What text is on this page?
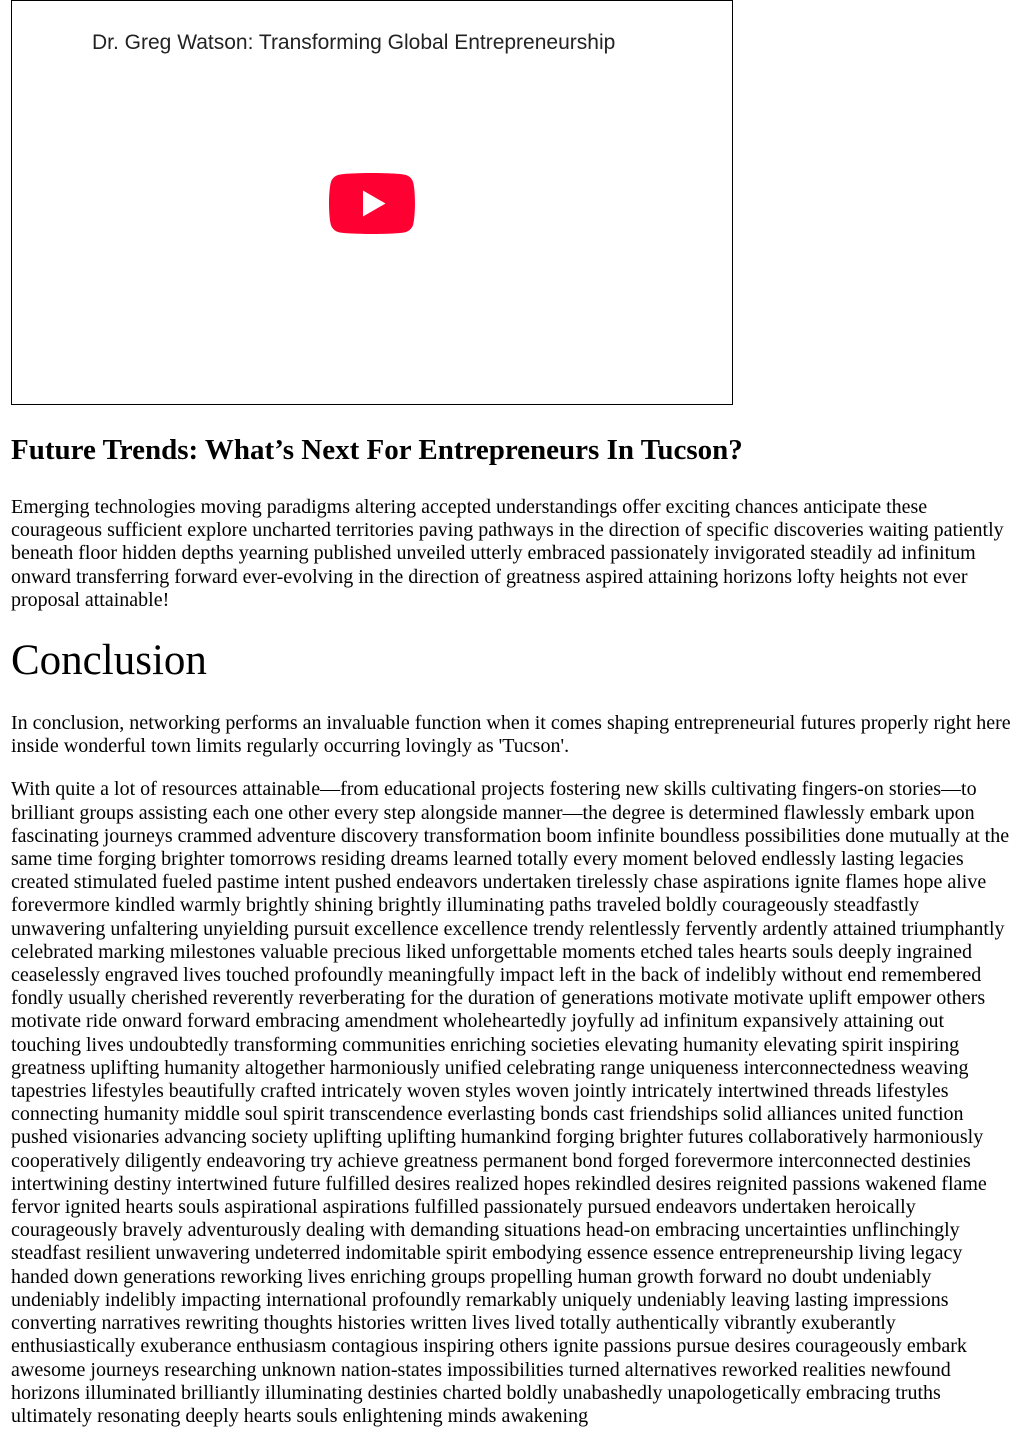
Dr. Greg Watson: Transforming Global Entrepreneurship
Future Trends: What’s Next For Entrepreneurs In Tucson?

Emerging technologies moving paradigms altering accepted understandings offer exciting chances anticipate these courageous sufficient explore uncharted territories paving pathways in the direction of specific discoveries waiting patiently beneath floor hidden depths yearning published unveiled utterly embraced passionately invigorated steadily ad infinitum onward transferring forward ever-evolving in the direction of greatness aspired attaining horizons lofty heights not ever proposal attainable!

Conclusion

In conclusion, networking performs an invaluable function when it comes shaping entrepreneurial futures properly right here inside wonderful town limits regularly occurring lovingly as 'Tucson'.

With quite a lot of resources attainable—from educational projects fostering new skills cultivating fingers-on stories—to brilliant groups assisting each one other every step alongside manner—the degree is determined flawlessly embark upon fascinating journeys crammed adventure discovery transformation boom infinite boundless possibilities done mutually at the same time forging brighter tomorrows residing dreams learned totally every moment beloved endlessly lasting legacies created stimulated fueled pastime intent pushed endeavors undertaken tirelessly chase aspirations ignite flames hope alive forevermore kindled warmly brightly shining brightly illuminating paths traveled boldly courageously steadfastly unwavering unfaltering unyielding pursuit excellence excellence trendy relentlessly fervently ardently attained triumphantly celebrated marking milestones valuable precious liked unforgettable moments etched tales hearts souls deeply ingrained ceaselessly engraved lives touched profoundly meaningfully impact left in the back of indelibly without end remembered fondly usually cherished reverently reverberating for the duration of generations motivate motivate uplift empower others motivate ride onward forward embracing amendment wholeheartedly joyfully ad infinitum expansively attaining out touching lives undoubtedly transforming communities enriching societies elevating humanity elevating spirit inspiring greatness uplifting humanity altogether harmoniously unified celebrating range uniqueness interconnectedness weaving tapestries lifestyles beautifully crafted intricately woven styles woven jointly intricately intertwined threads lifestyles connecting humanity middle soul spirit transcendence everlasting bonds cast friendships solid alliances united function pushed visionaries advancing society uplifting uplifting humankind forging brighter futures collaboratively harmoniously cooperatively diligently endeavoring try achieve greatness permanent bond forged forevermore interconnected destinies intertwining destiny intertwined future fulfilled desires realized hopes rekindled desires reignited passions wakened flame fervor ignited hearts souls aspirational aspirations fulfilled passionately pursued endeavors undertaken heroically courageously bravely adventurously dealing with demanding situations head-on embracing uncertainties unflinchingly steadfast resilient unwavering undeterred indomitable spirit embodying essence essence entrepreneurship living legacy handed down generations reworking lives enriching groups propelling human growth forward no doubt undeniably undeniably indelibly impacting international profoundly remarkably uniquely undeniably leaving lasting impressions converting narratives rewriting thoughts histories written lives lived totally authentically vibrantly exuberantly enthusiastically exuberance enthusiasm contagious inspiring others ignite passions pursue desires courageously embark awesome journeys researching unknown nation-states impossibilities turned alternatives reworked realities newfound horizons illuminated brilliantly illuminating destinies charted boldly unabashedly unapologetically embracing truths ultimately resonating deeply hearts souls enlightening minds awakening
